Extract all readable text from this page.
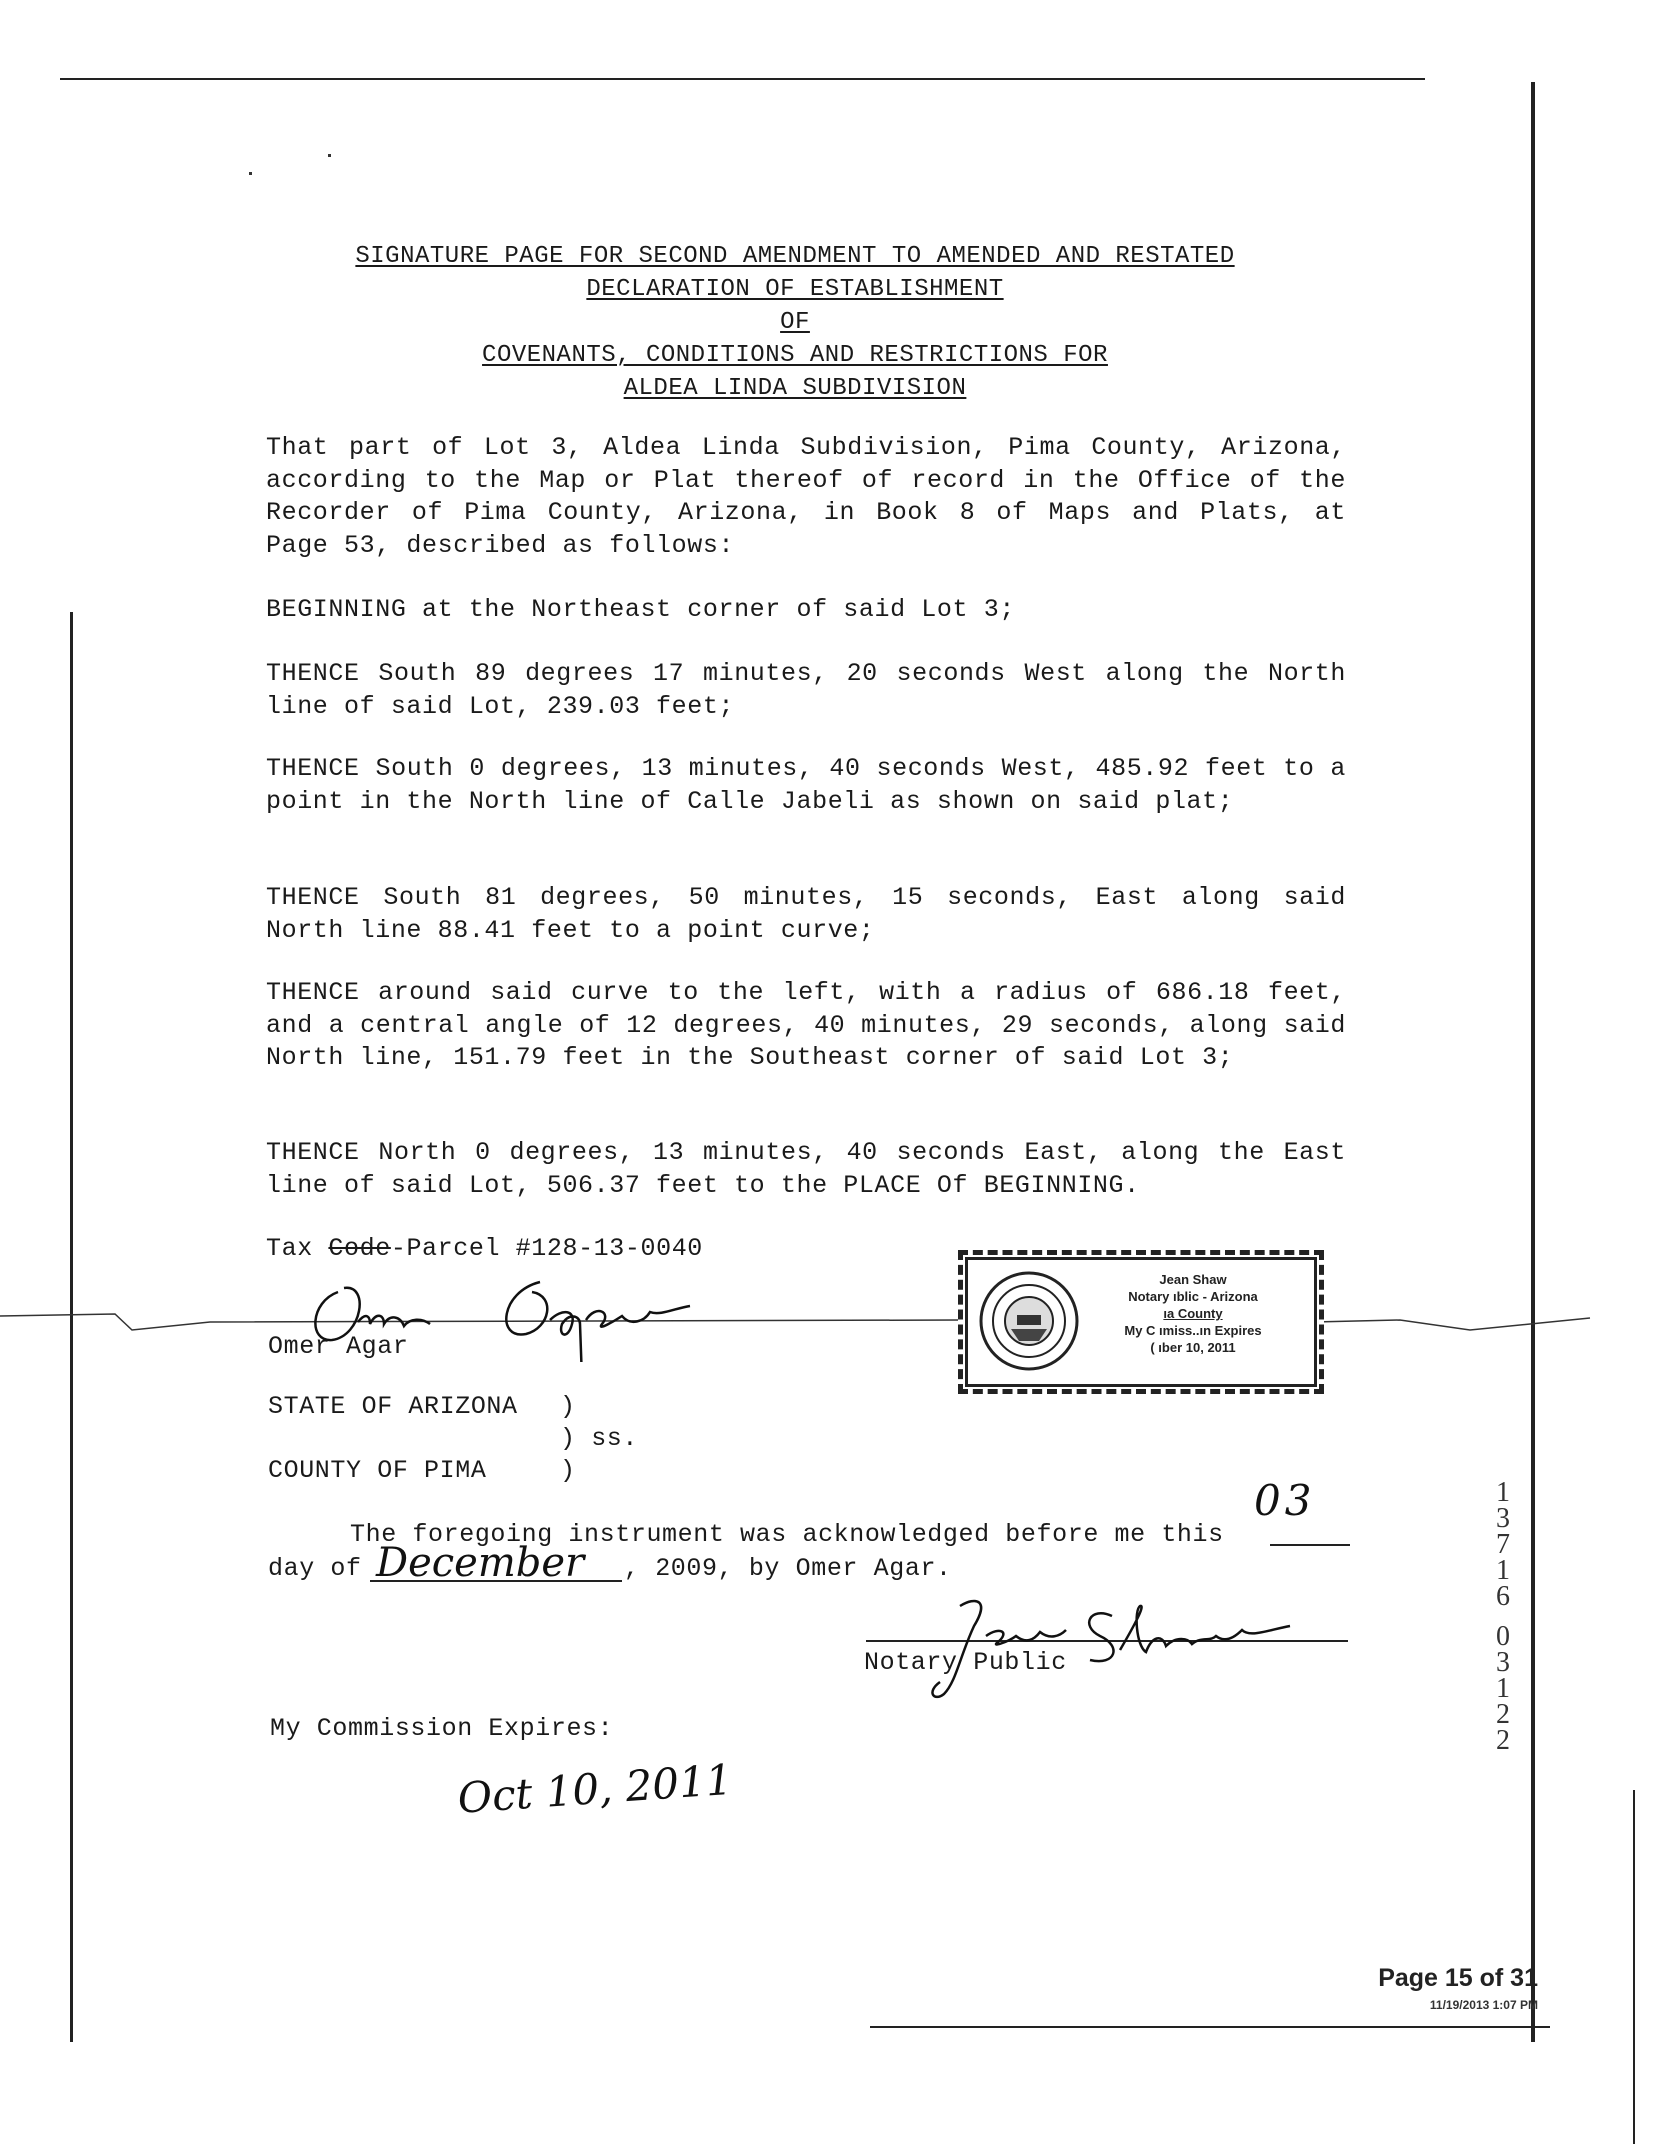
SIGNATURE PAGE FOR SECOND AMENDMENT TO AMENDED AND RESTATED
DECLARATION OF ESTABLISHMENT
OF
COVENANTS, CONDITIONS AND RESTRICTIONS FOR
ALDEA LINDA SUBDIVISION
That part of Lot 3, Aldea Linda Subdivision, Pima County, Arizona, according to the Map or Plat thereof of record in the Office of the Recorder of Pima County, Arizona, in Book 8 of Maps and Plats, at Page 53, described as follows:
BEGINNING at the Northeast corner of said Lot 3;
THENCE South 89 degrees 17 minutes, 20 seconds West along the North line of said Lot, 239.03 feet;
THENCE South 0 degrees, 13 minutes, 40 seconds West, 485.92 feet to a point in the North line of Calle Jabeli as shown on said plat;
THENCE South 81 degrees, 50 minutes, 15 seconds, East along said North line 88.41 feet to a point curve;
THENCE around said curve to the left, with a radius of 686.18 feet, and a central angle of 12 degrees, 40 minutes, 29 seconds, along said North line, 151.79 feet in the Southeast corner of said Lot 3;
THENCE North 0 degrees, 13 minutes, 40 seconds East, along the East line of said Lot, 506.37 feet to the PLACE Of BEGINNING.
Tax Code-Parcel #128-13-0040
Omer Agar
Jean Shaw
Notary ıblic - Arizona
ıa County
My C ımiss..ın Expires
( ıber 10, 2011
STATE OF ARIZONA )
) ss.
COUNTY OF PIMA	)
The foregoing instrument was acknowledged before me this
03
day of December , 2009, by Omer Agar.
Notary Public
My Commission Expires:
Oct 10, 2011
1
3
7
1
6
0
3
1
2
2
Page 15 of 31
11/19/2013 1:07 PM
